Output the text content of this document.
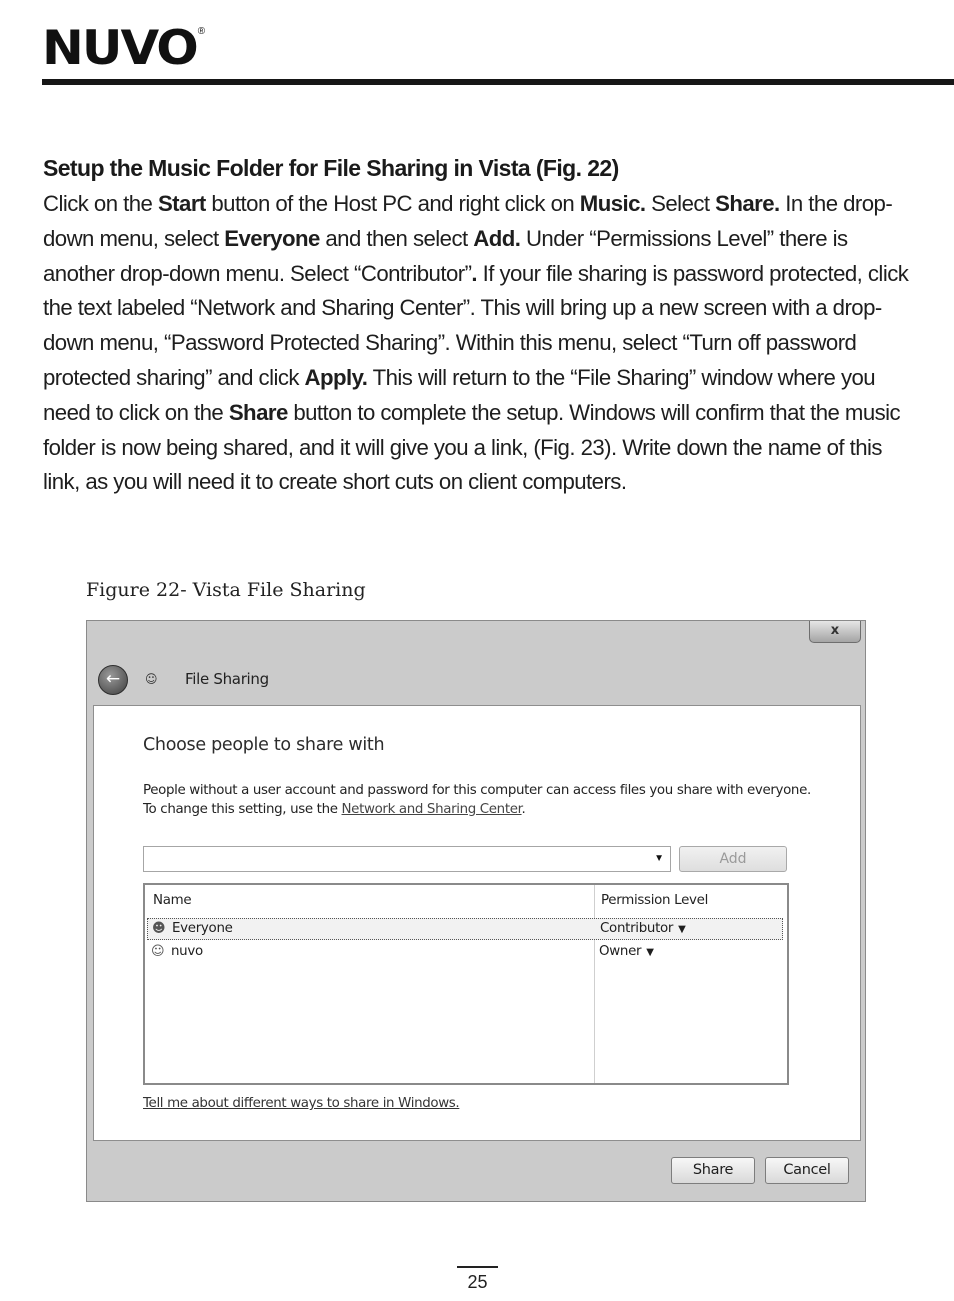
NUVO ®
Setup the Music Folder for File Sharing in Vista (Fig. 22)

Click on the Start button of the Host PC and right click on Music. Select Share. In the drop-down menu, select Everyone and then select Add. Under “Permissions Level” there is another drop-down menu. Select “Contributor”. If your file sharing is password protected, click the text labeled “Network and Sharing Center”. This will bring up a new screen with a drop-down menu, “Password Protected Sharing”. Within this menu, select “Turn off password protected sharing” and click Apply. This will return to the “File Sharing” window where you need to click on the Share button to complete the setup. Windows will confirm that the music folder is now being shared, and it will give you a link, (Fig. 23). Write down the name of this link, as you will need it to create short cuts on client computers.

Figure 22- Vista File Sharing
x
←	☺	File Sharing
Choose people to share with

People without a user account and password for this computer can access files you share with everyone.
To change this setting, use the Network and Sharing Center.

▼	Add
Name	Permission Level
☻ Everyone	Contributor ▼
☺ nuvo	Owner ▼
Tell me about different ways to share in Windows.
Share	Cancel
25
